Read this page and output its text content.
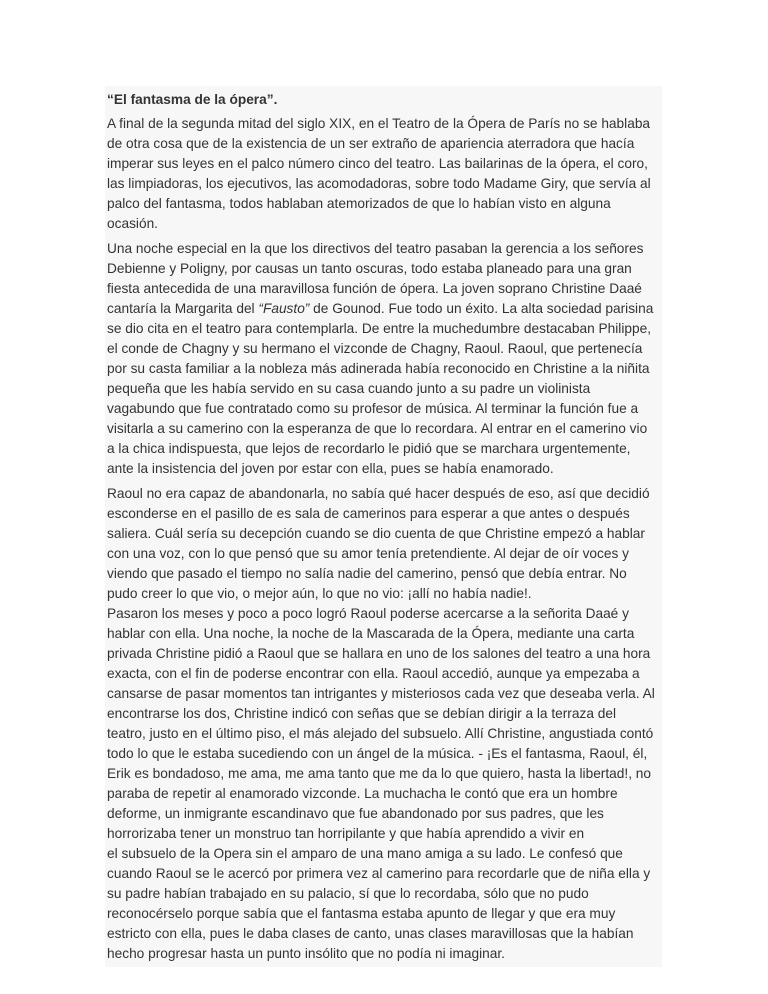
“El fantasma de la ópera”.
A final de la segunda mitad del siglo XIX, en el Teatro de la Ópera de París no se hablaba
de otra cosa que de la existencia de un ser extraño de apariencia aterradora que hacía
imperar sus leyes en el palco número cinco del teatro. Las bailarinas de la ópera, el coro,
las limpiadoras, los ejecutivos, las acomodadoras, sobre todo Madame Giry, que servía al
palco del fantasma, todos hablaban atemorizados de que lo habían visto en alguna
ocasión.
Una noche especial en la que los directivos del teatro pasaban la gerencia a los señores
Debienne y Poligny, por causas un tanto oscuras, todo estaba planeado para una gran
fiesta antecedida de una maravillosa función de ópera. La joven soprano Christine Daaé
cantaría la Margarita del “Fausto” de Gounod. Fue todo un éxito. La alta sociedad parisina
se dio cita en el teatro para contemplarla. De entre la muchedumbre destacaban Philippe,
el conde de Chagny y su hermano el vizconde de Chagny, Raoul. Raoul, que pertenecía
por su casta familiar a la nobleza más adinerada había reconocido en Christine a la niñita
pequeña que les había servido en su casa cuando junto a su padre un violinista
vagabundo que fue contratado como su profesor de música. Al terminar la función fue a
visitarla a su camerino con la esperanza de que lo recordara. Al entrar en el camerino vio
a la chica indispuesta, que lejos de recordarlo le pidió que se marchara urgentemente,
ante la insistencia del joven por estar con ella, pues se había enamorado.
Raoul no era capaz de abandonarla, no sabía qué hacer después de eso, así que decidió
esconderse en el pasillo de es sala de camerinos para esperar a que antes o después
saliera. Cuál sería su decepción cuando se dio cuenta de que Christine empezó a hablar
con una voz, con lo que pensó que su amor tenía pretendiente. Al dejar de oír voces y
viendo que pasado el tiempo no salía nadie del camerino, pensó que debía entrar. No
pudo creer lo que vio, o mejor aún, lo que no vio: ¡allí no había nadie!.
Pasaron los meses y poco a poco logró Raoul poderse acercarse a la señorita Daaé y
hablar con ella. Una noche, la noche de la Mascarada de la Ópera, mediante una carta
privada Christine pidió a Raoul que se hallara en uno de los salones del teatro a una hora
exacta, con el fin de poderse encontrar con ella. Raoul accedió, aunque ya empezaba a
cansarse de pasar momentos tan intrigantes y misteriosos cada vez que deseaba verla. Al
encontrarse los dos, Christine indicó con señas que se debían dirigir a la terraza del
teatro, justo en el último piso, el más alejado del subsuelo. Allí Christine, angustiada contó
todo lo que le estaba sucediendo con un ángel de la música. - ¡Es el fantasma, Raoul, él,
Erik es bondadoso, me ama, me ama tanto que me da lo que quiero, hasta la libertad!, no
paraba de repetir al enamorado vizconde. La muchacha le contó que era un hombre
deforme, un inmigrante escandinavo que fue abandonado por sus padres, que les
horrorizaba tener un monstruo tan horripilante y que había aprendido a vivir en
el subsuelo de la Opera sin el amparo de una mano amiga a su lado. Le confesó que
cuando Raoul se le acercó por primera vez al camerino para recordarle que de niña ella y
su padre habían trabajado en su palacio, sí que lo recordaba, sólo que no pudo
reconocérselo porque sabía que el fantasma estaba apunto de llegar y que era muy
estricto con ella, pues le daba clases de canto, unas clases maravillosas que la habían
hecho progresar hasta un punto insólito que no podía ni imaginar.
